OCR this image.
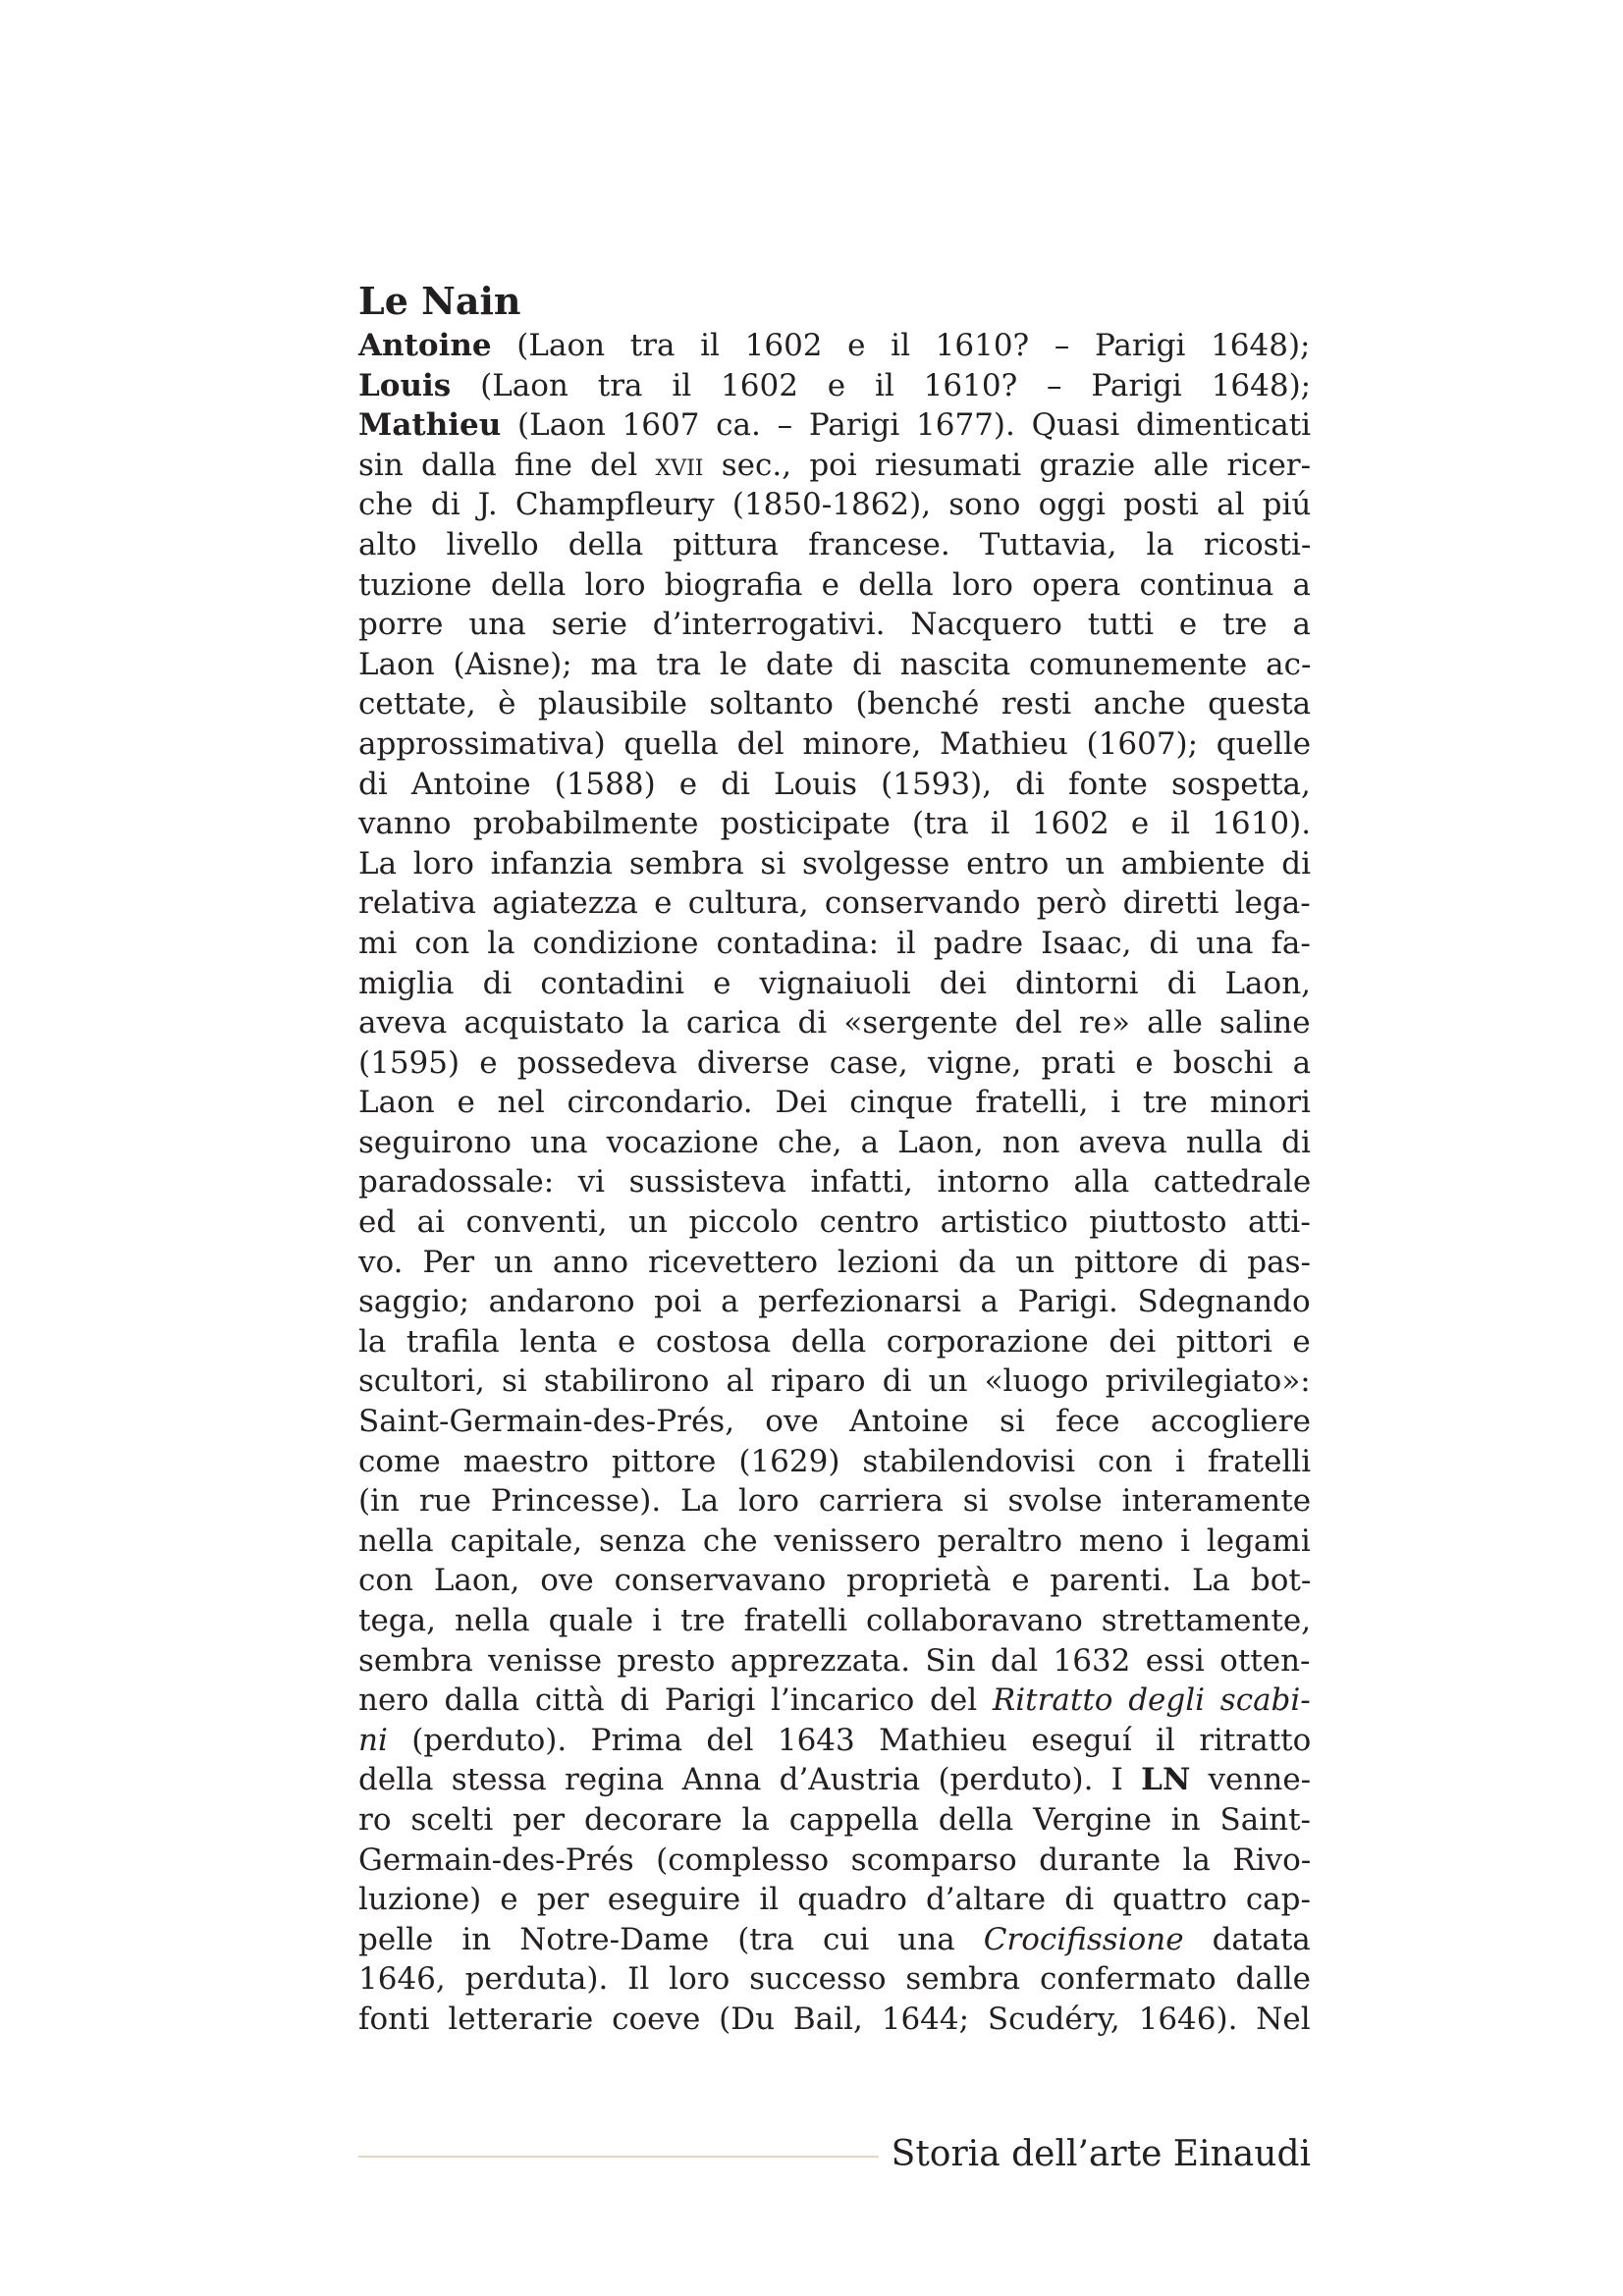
Le Nain
Antoine (Laon tra il 1602 e il 1610? – Parigi 1648);
Louis (Laon tra il 1602 e il 1610? – Parigi 1648);
Mathieu (Laon 1607 ca. – Parigi 1677). Quasi dimenticati
sin dalla fine del xvii sec., poi riesumati grazie alle ricer-
che di J. Champfleury (1850-1862), sono oggi posti al piú
alto livello della pittura francese. Tuttavia, la ricosti-
tuzione della loro biografia e della loro opera continua a
porre una serie d’interrogativi. Nacquero tutti e tre a
Laon (Aisne); ma tra le date di nascita comunemente ac-
cettate, è plausibile soltanto (benché resti anche questa
approssimativa) quella del minore, Mathieu (1607); quelle
di Antoine (1588) e di Louis (1593), di fonte sospetta,
vanno probabilmente posticipate (tra il 1602 e il 1610).
La loro infanzia sembra si svolgesse entro un ambiente di
relativa agiatezza e cultura, conservando però diretti lega-
mi con la condizione contadina: il padre Isaac, di una fa-
miglia di contadini e vignaiuoli dei dintorni di Laon,
aveva acquistato la carica di «sergente del re» alle saline
(1595) e possedeva diverse case, vigne, prati e boschi a
Laon e nel circondario. Dei cinque fratelli, i tre minori
seguirono una vocazione che, a Laon, non aveva nulla di
paradossale: vi sussisteva infatti, intorno alla cattedrale
ed ai conventi, un piccolo centro artistico piuttosto atti-
vo. Per un anno ricevettero lezioni da un pittore di pas-
saggio; andarono poi a perfezionarsi a Parigi. Sdegnando
la trafila lenta e costosa della corporazione dei pittori e
scultori, si stabilirono al riparo di un «luogo privilegiato»:
Saint-Germain-des-Prés, ove Antoine si fece accogliere
come maestro pittore (1629) stabilendovisi con i fratelli
(in rue Princesse). La loro carriera si svolse interamente
nella capitale, senza che venissero peraltro meno i legami
con Laon, ove conservavano proprietà e parenti. La bot-
tega, nella quale i tre fratelli collaboravano strettamente,
sembra venisse presto apprezzata. Sin dal 1632 essi otten-
nero dalla città di Parigi l’incarico del Ritratto degli scabi-
ni (perduto). Prima del 1643 Mathieu eseguí il ritratto
della stessa regina Anna d’Austria (perduto). I LN venne-
ro scelti per decorare la cappella della Vergine in Saint-
Germain-des-Prés (complesso scomparso durante la Rivo-
luzione) e per eseguire il quadro d’altare di quattro cap-
pelle in Notre-Dame (tra cui una Crocifissione datata
1646, perduta). Il loro successo sembra confermato dalle
fonti letterarie coeve (Du Bail, 1644; Scudéry, 1646). Nel
Storia dell’arte Einaudi
